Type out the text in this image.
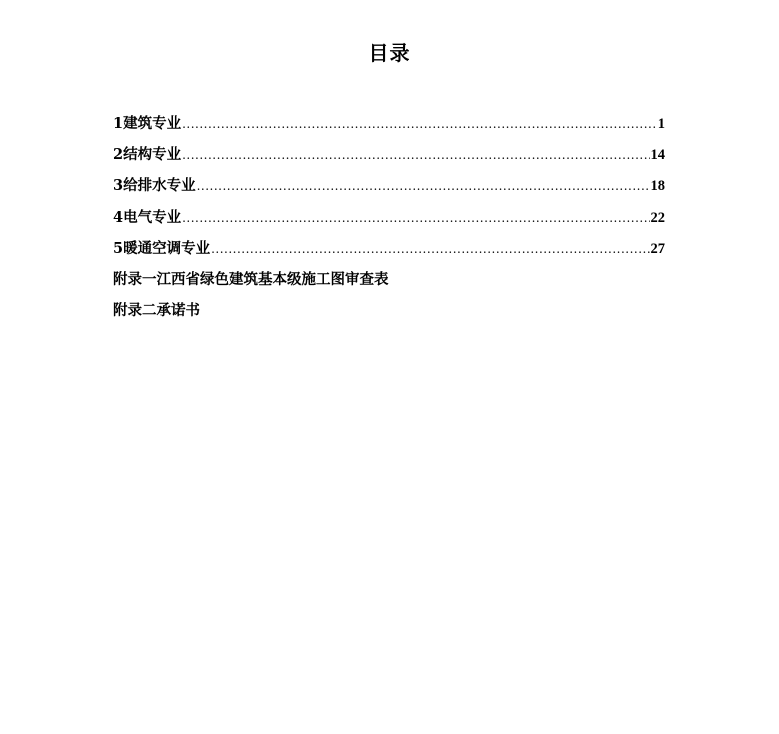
目录
1 建筑专业 .....	1
2 结构专业 .....	14
3 给排水专业 .....	18
4 电气专业 .....	22
5 暖通空调专业 .....	27
附录一江西省绿色建筑基本级施工图审查表
附录二承诺书
